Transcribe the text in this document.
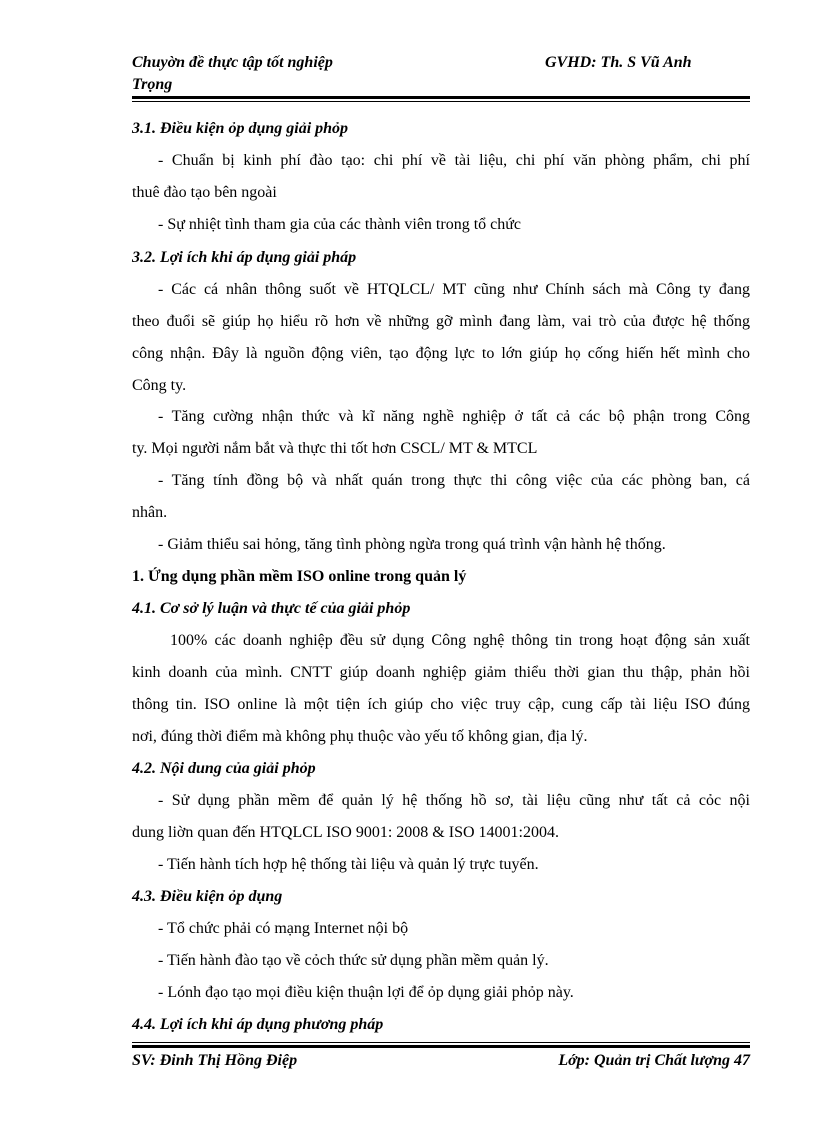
Chuyờn đề thực tập tốt nghiệp
Trọng
GVHD: Th. S Vũ Anh
3.1. Điều kiện ỏp dụng giải phỏp
- Chuẩn bị kinh phí đào tạo: chi phí về tài liệu, chi phí văn phòng phẩm, chi phí
thuê đào tạo bên ngoài
- Sự nhiệt tình tham gia của các thành viên trong tổ chức
3.2. Lợi ích khi áp dụng giải pháp
- Các cá nhân thông suốt về HTQLCL/ MT cũng như Chính sách mà Công ty đang
theo đuổi sẽ giúp họ hiểu rõ hơn về những gỡ mình đang làm, vai trò của được hệ thống
công nhận. Đây là nguồn động viên, tạo động lực to lớn giúp họ cống hiến hết mình cho
Công ty.
- Tăng cường nhận thức và kĩ năng nghề nghiệp ở tất cả các bộ phận trong Công
ty. Mọi người nắm bắt và thực thi tốt hơn CSCL/ MT & MTCL
- Tăng tính đồng bộ và nhất quán trong thực thi công việc của các phòng ban, cá
nhân.
- Giảm thiểu sai hỏng, tăng tình phòng ngừa trong quá trình vận hành hệ thống.
1. Ứng dụng phần mềm ISO online trong quản lý
4.1. Cơ sở lý luận và thực tế của giải phỏp
100% các doanh nghiệp đều sử dụng Công nghệ thông tin trong hoạt động sản xuất
kinh doanh của mình. CNTT giúp doanh nghiệp giảm thiểu thời gian thu thập, phản hồi
thông tin. ISO online là một tiện ích giúp cho việc truy cập, cung cấp tài liệu ISO đúng
nơi, đúng thời điểm mà không phụ thuộc vào yếu tố không gian, địa lý.
4.2. Nội dung của giải phỏp
- Sử dụng phần mềm để quản lý hệ thống hồ sơ, tài liệu cũng như tất cả cỏc nội
dung liờn quan đến HTQLCL ISO 9001: 2008 & ISO 14001:2004.
- Tiến hành tích hợp hệ thống tài liệu và quản lý trực tuyến.
4.3. Điều kiện ỏp dụng
- Tổ chức phải có mạng Internet nội bộ
- Tiến hành đào tạo về cỏch thức sử dụng phần mềm quản lý.
- Lónh đạo tạo mọi điều kiện thuận lợi để ỏp dụng giải phỏp này.
4.4. Lợi ích khi áp dụng phương pháp
SV: Đinh Thị Hồng Điệp	Lớp: Quản trị Chất lượng 47
